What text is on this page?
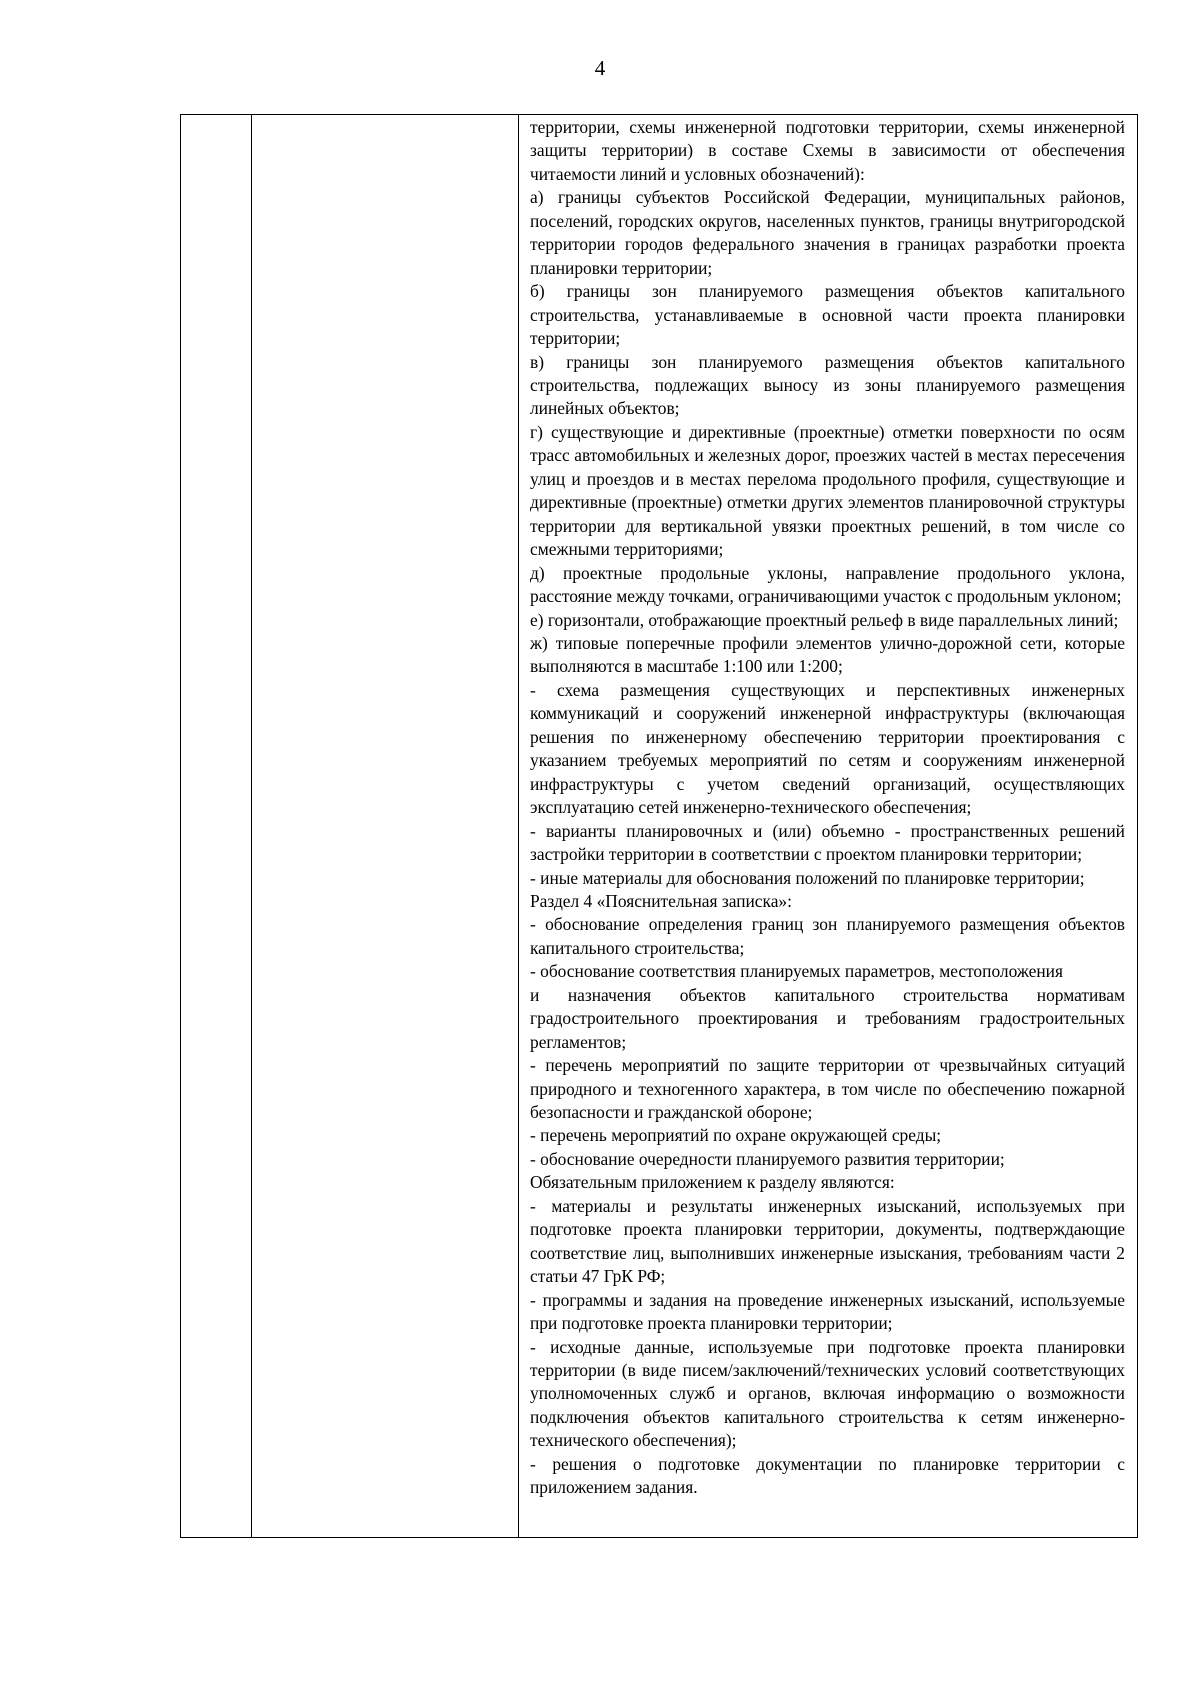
4

территории, схемы инженерной подготовки территории, схемы инженерной защиты территории) в составе Схемы в зависимости от обеспечения читаемости линий и условных обозначений):

а) границы субъектов Российской Федерации, муниципальных районов, поселений, городских округов, населенных пунктов, границы внутригородской территории городов федерального значения в границах разработки проекта планировки территории;

б) границы зон планируемого размещения объектов капитального строительства, устанавливаемые в основной части проекта планировки территории;

в) границы зон планируемого размещения объектов капитального строительства, подлежащих выносу из зоны планируемого размещения линейных объектов;

г) существующие и директивные (проектные) отметки поверхности по осям трасс автомобильных и железных дорог, проезжих частей в местах пересечения улиц и проездов и в местах перелома продольного профиля, существующие и директивные (проектные) отметки других элементов планировочной структуры территории для вертикальной увязки проектных решений, в том числе со смежными территориями;

д) проектные продольные уклоны, направление продольного уклона, расстояние между точками, ограничивающими участок с продольным уклоном;

е) горизонтали, отображающие проектный рельеф в виде параллельных линий;

ж) типовые поперечные профили элементов улично-дорожной сети, которые выполняются в масштабе 1:100 или 1:200;

- схема размещения существующих и перспективных инженерных коммуникаций и сооружений инженерной инфраструктуры (включающая решения по инженерному обеспечению территории проектирования с указанием требуемых мероприятий по сетям и сооружениям инженерной инфраструктуры с учетом сведений организаций, осуществляющих эксплуатацию сетей инженерно-технического обеспечения;

- варианты планировочных и (или) объемно - пространственных решений застройки территории в соответствии с проектом планировки территории;

- иные материалы для обоснования положений по планировке территории;

Раздел 4 «Пояснительная записка»:

- обоснование определения границ зон планируемого размещения объектов капитального строительства;

- обоснование соответствия планируемых параметров, местоположения

и назначения объектов капитального строительства нормативам градостроительного проектирования и требованиям градостроительных регламентов;

- перечень мероприятий по защите территории от чрезвычайных ситуаций природного и техногенного характера, в том числе по обеспечению пожарной безопасности и гражданской обороне;

- перечень мероприятий по охране окружающей среды;

- обоснование очередности планируемого развития территории;

Обязательным приложением к разделу являются:

- материалы и результаты инженерных изысканий, используемых при подготовке проекта планировки территории, документы, подтверждающие соответствие лиц, выполнивших инженерные изыскания, требованиям части 2 статьи 47 ГрК РФ;

- программы и задания на проведение инженерных изысканий, используемые при подготовке проекта планировки территории;

- исходные данные, используемые при подготовке проекта планировки территории (в виде писем/заключений/технических условий соответствующих уполномоченных служб и органов, включая информацию о возможности подключения объектов капитального строительства к сетям инженерно-технического обеспечения);

- решения о подготовке документации по планировке территории с приложением задания.
